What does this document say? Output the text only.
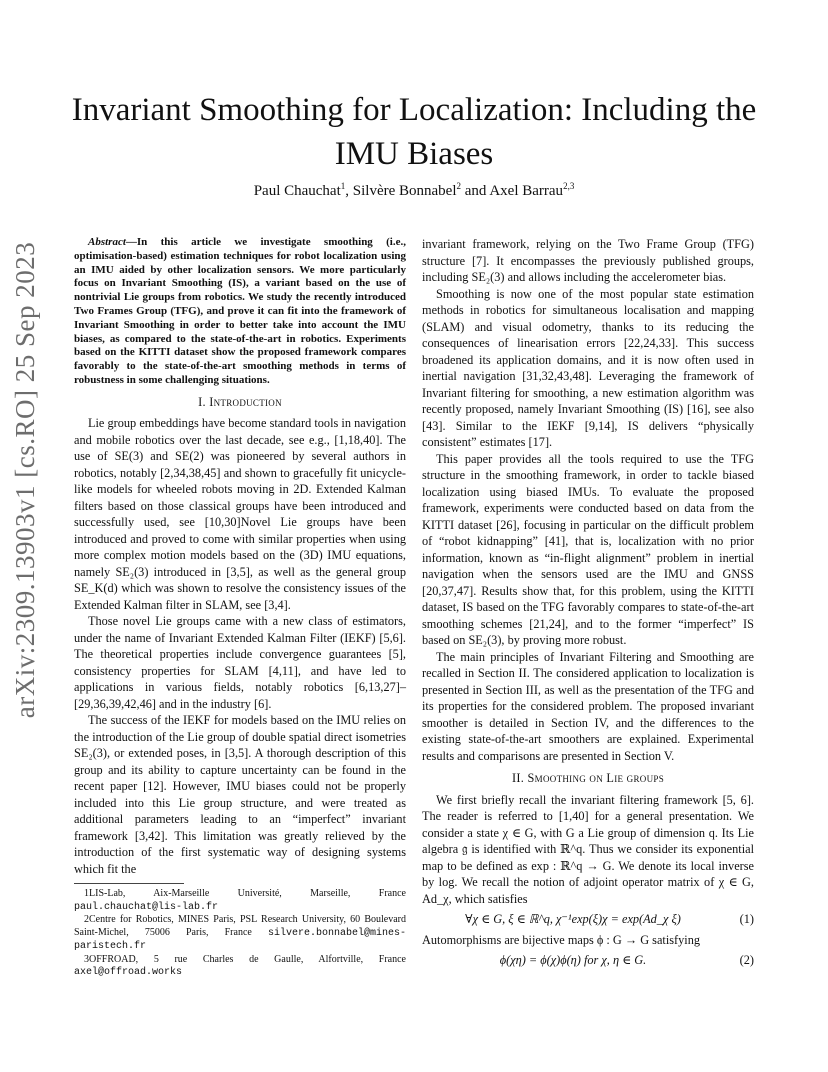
arXiv:2309.13903v1 [cs.RO] 25 Sep 2023
Invariant Smoothing for Localization: Including the IMU Biases
Paul Chauchat$^1$, Silvère Bonnabel$^2$ and Axel Barrau$^{2,3}$

Abstract—In this article we investigate smoothing (i.e., optimisation-based) estimation techniques for robot localization using an IMU aided by other localization sensors. We more particularly focus on Invariant Smoothing (IS), a variant based on the use of nontrivial Lie groups from robotics. We study the recently introduced Two Frames Group (TFG), and prove it can fit into the framework of Invariant Smoothing in order to better take into account the IMU biases, as compared to the state-of-the-art in robotics. Experiments based on the KITTI dataset show the proposed framework compares favorably to the state-of-the-art smoothing methods in terms of robustness in some challenging situations.

I. Introduction

Lie group embeddings have become standard tools in navigation and mobile robotics over the last decade, see e.g., [1,18,40]. The use of SE(3) and SE(2) was pioneered by several authors in robotics, notably [2,34,38,45] and shown to gracefully fit unicycle-like models for wheeled robots moving in 2D. Extended Kalman filters based on those classical groups have been introduced and successfully used, see [10,30]Novel Lie groups have been introduced and proved to come with similar properties when using more complex motion models based on the (3D) IMU equations, namely SE₂(3) introduced in [3,5], as well as the general group SE_K(d) which was shown to resolve the consistency issues of the Extended Kalman filter in SLAM, see [3,4].

Those novel Lie groups came with a new class of estimators, under the name of Invariant Extended Kalman Filter (IEKF) [5,6]. The theoretical properties include convergence guarantees [5], consistency properties for SLAM [4,11], and have led to applications in various fields, notably robotics [6,13,27]–[29,36,39,42,46] and in the industry [6].

The success of the IEKF for models based on the IMU relies on the introduction of the Lie group of double spatial direct isometries SE₂(3), or extended poses, in [3,5]. A thorough description of this group and its ability to capture uncertainty can be found in the recent paper [12]. However, IMU biases could not be properly included into this Lie group structure, and were treated as additional parameters leading to an “imperfect” invariant framework [3,42]. This limitation was greatly relieved by the introduction of the first systematic way of designing systems which fit the

1LIS-Lab, Aix-Marseille Université, Marseille, France paul.chauchat@lis-lab.fr

2Centre for Robotics, MINES Paris, PSL Research University, 60 Boulevard Saint-Michel, 75006 Paris, France silvere.bonnabel@mines-paristech.fr

3OFFROAD, 5 rue Charles de Gaulle, Alfortville, France axel@offroad.works

invariant framework, relying on the Two Frame Group (TFG) structure [7]. It encompasses the previously published groups, including SE₂(3) and allows including the accelerometer bias.

Smoothing is now one of the most popular state estimation methods in robotics for simultaneous localisation and mapping (SLAM) and visual odometry, thanks to its reducing the consequences of linearisation errors [22,24,33]. This success broadened its application domains, and it is now often used in inertial navigation [31,32,43,48]. Leveraging the framework of Invariant filtering for smoothing, a new estimation algorithm was recently proposed, namely Invariant Smoothing (IS) [16], see also [43]. Similar to the IEKF [9,14], IS delivers “physically consistent” estimates [17].

This paper provides all the tools required to use the TFG structure in the smoothing framework, in order to tackle biased localization using biased IMUs. To evaluate the proposed framework, experiments were conducted based on data from the KITTI dataset [26], focusing in particular on the difficult problem of “robot kidnapping” [41], that is, localization with no prior information, known as “in-flight alignment” problem in inertial navigation when the sensors used are the IMU and GNSS [20,37,47]. Results show that, for this problem, using the KITTI dataset, IS based on the TFG favorably compares to state-of-the-art smoothing schemes [21,24], and to the former “imperfect” IS based on SE₂(3), by proving more robust.

The main principles of Invariant Filtering and Smoothing are recalled in Section II. The considered application to localization is presented in Section III, as well as the presentation of the TFG and its properties for the considered problem. The proposed invariant smoother is detailed in Section IV, and the differences to the existing state-of-the-art smoothers are explained. Experimental results and comparisons are presented in Section V.

II. Smoothing on Lie groups

We first briefly recall the invariant filtering framework [5, 6]. The reader is referred to [1,40] for a general presentation. We consider a state χ ∈ G, with G a Lie group of dimension q. Its Lie algebra 𝔤 is identified with ℝ^q. Thus we consider its exponential map to be defined as exp : ℝ^q → G. We denote its local inverse by log. We recall the notion of adjoint operator matrix of χ ∈ G, Ad_χ, which satisfies

∀χ ∈ G, ξ ∈ ℝ^q, χ⁻¹exp(ξ)χ = exp(Ad_χ ξ)	(1)

Automorphisms are bijective maps ϕ : G → G satisfying

ϕ(χη) = ϕ(χ)ϕ(η) for χ, η ∈ G.	(2)
